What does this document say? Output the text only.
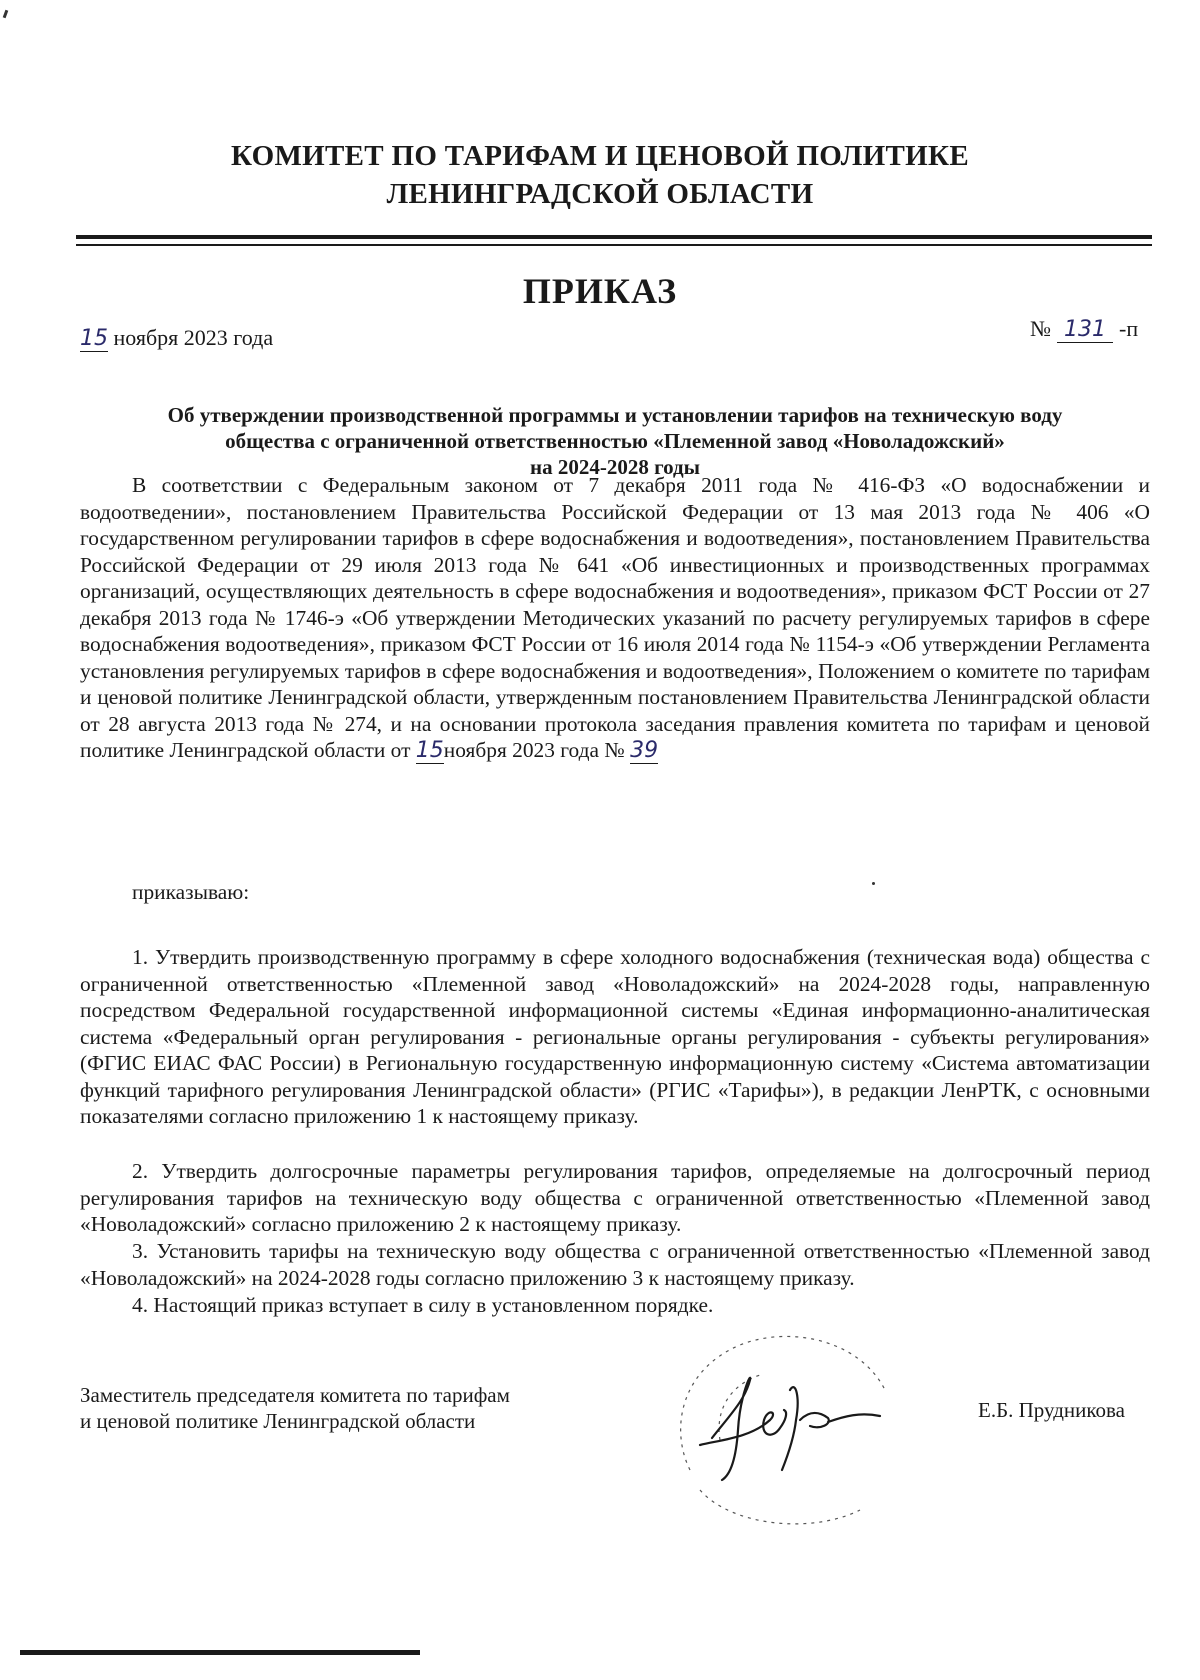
КОМИТЕТ ПО ТАРИФАМ И ЦЕНОВОЙ ПОЛИТИКЕ
ЛЕНИНГРАДСКОЙ ОБЛАСТИ
ПРИКАЗ
15 ноября 2023 года	№ 131 -п
Об утверждении производственной программы и установлении тарифов на техническую воду
общества с ограниченной ответственностью «Племенной завод «Новоладожский»
на 2024-2028 годы
В соответствии с Федеральным законом от 7 декабря 2011 года № 416-ФЗ «О водоснабжении и водоотведении», постановлением Правительства Российской Федерации от 13 мая 2013 года № 406 «О государственном регулировании тарифов в сфере водоснабжения и водоотведения», постановлением Правительства Российской Федерации от 29 июля 2013 года № 641 «Об инвестиционных и производственных программах организаций, осуществляющих деятельность в сфере водоснабжения и водоотведения», приказом ФСТ России от 27 декабря 2013 года № 1746-э «Об утверждении Методических указаний по расчету регулируемых тарифов в сфере водоснабжения водоотведения», приказом ФСТ России от 16 июля 2014 года № 1154-э «Об утверждении Регламента установления регулируемых тарифов в сфере водоснабжения и водоотведения», Положением о комитете по тарифам и ценовой политике Ленинградской области, утвержденным постановлением Правительства Ленинградской области от 28 августа 2013 года № 274, и на основании протокола заседания правления комитета по тарифам и ценовой политике Ленинградской области от 15ноября 2023 года № 39
приказываю:
1. Утвердить производственную программу в сфере холодного водоснабжения (техническая вода) общества с ограниченной ответственностью «Племенной завод «Новоладожский» на 2024-2028 годы, направленную посредством Федеральной государственной информационной системы «Единая информационно-аналитическая система «Федеральный орган регулирования - региональные органы регулирования - субъекты регулирования» (ФГИС ЕИАС ФАС России) в Региональную государственную информационную систему «Система автоматизации функций тарифного регулирования Ленинградской области» (РГИС «Тарифы»), в редакции ЛенРТК, с основными показателями согласно приложению 1 к настоящему приказу.
2. Утвердить долгосрочные параметры регулирования тарифов, определяемые на долгосрочный период регулирования тарифов на техническую воду общества с ограниченной ответственностью «Племенной завод «Новоладожский» согласно приложению 2 к настоящему приказу.
3. Установить тарифы на техническую воду общества с ограниченной ответственностью «Племенной завод «Новоладожский» на 2024-2028 годы согласно приложению 3 к настоящему приказу.
4. Настоящий приказ вступает в силу в установленном порядке.
Заместитель председателя комитета по тарифам
и ценовой политике Ленинградской области	Е.Б. Прудникова
